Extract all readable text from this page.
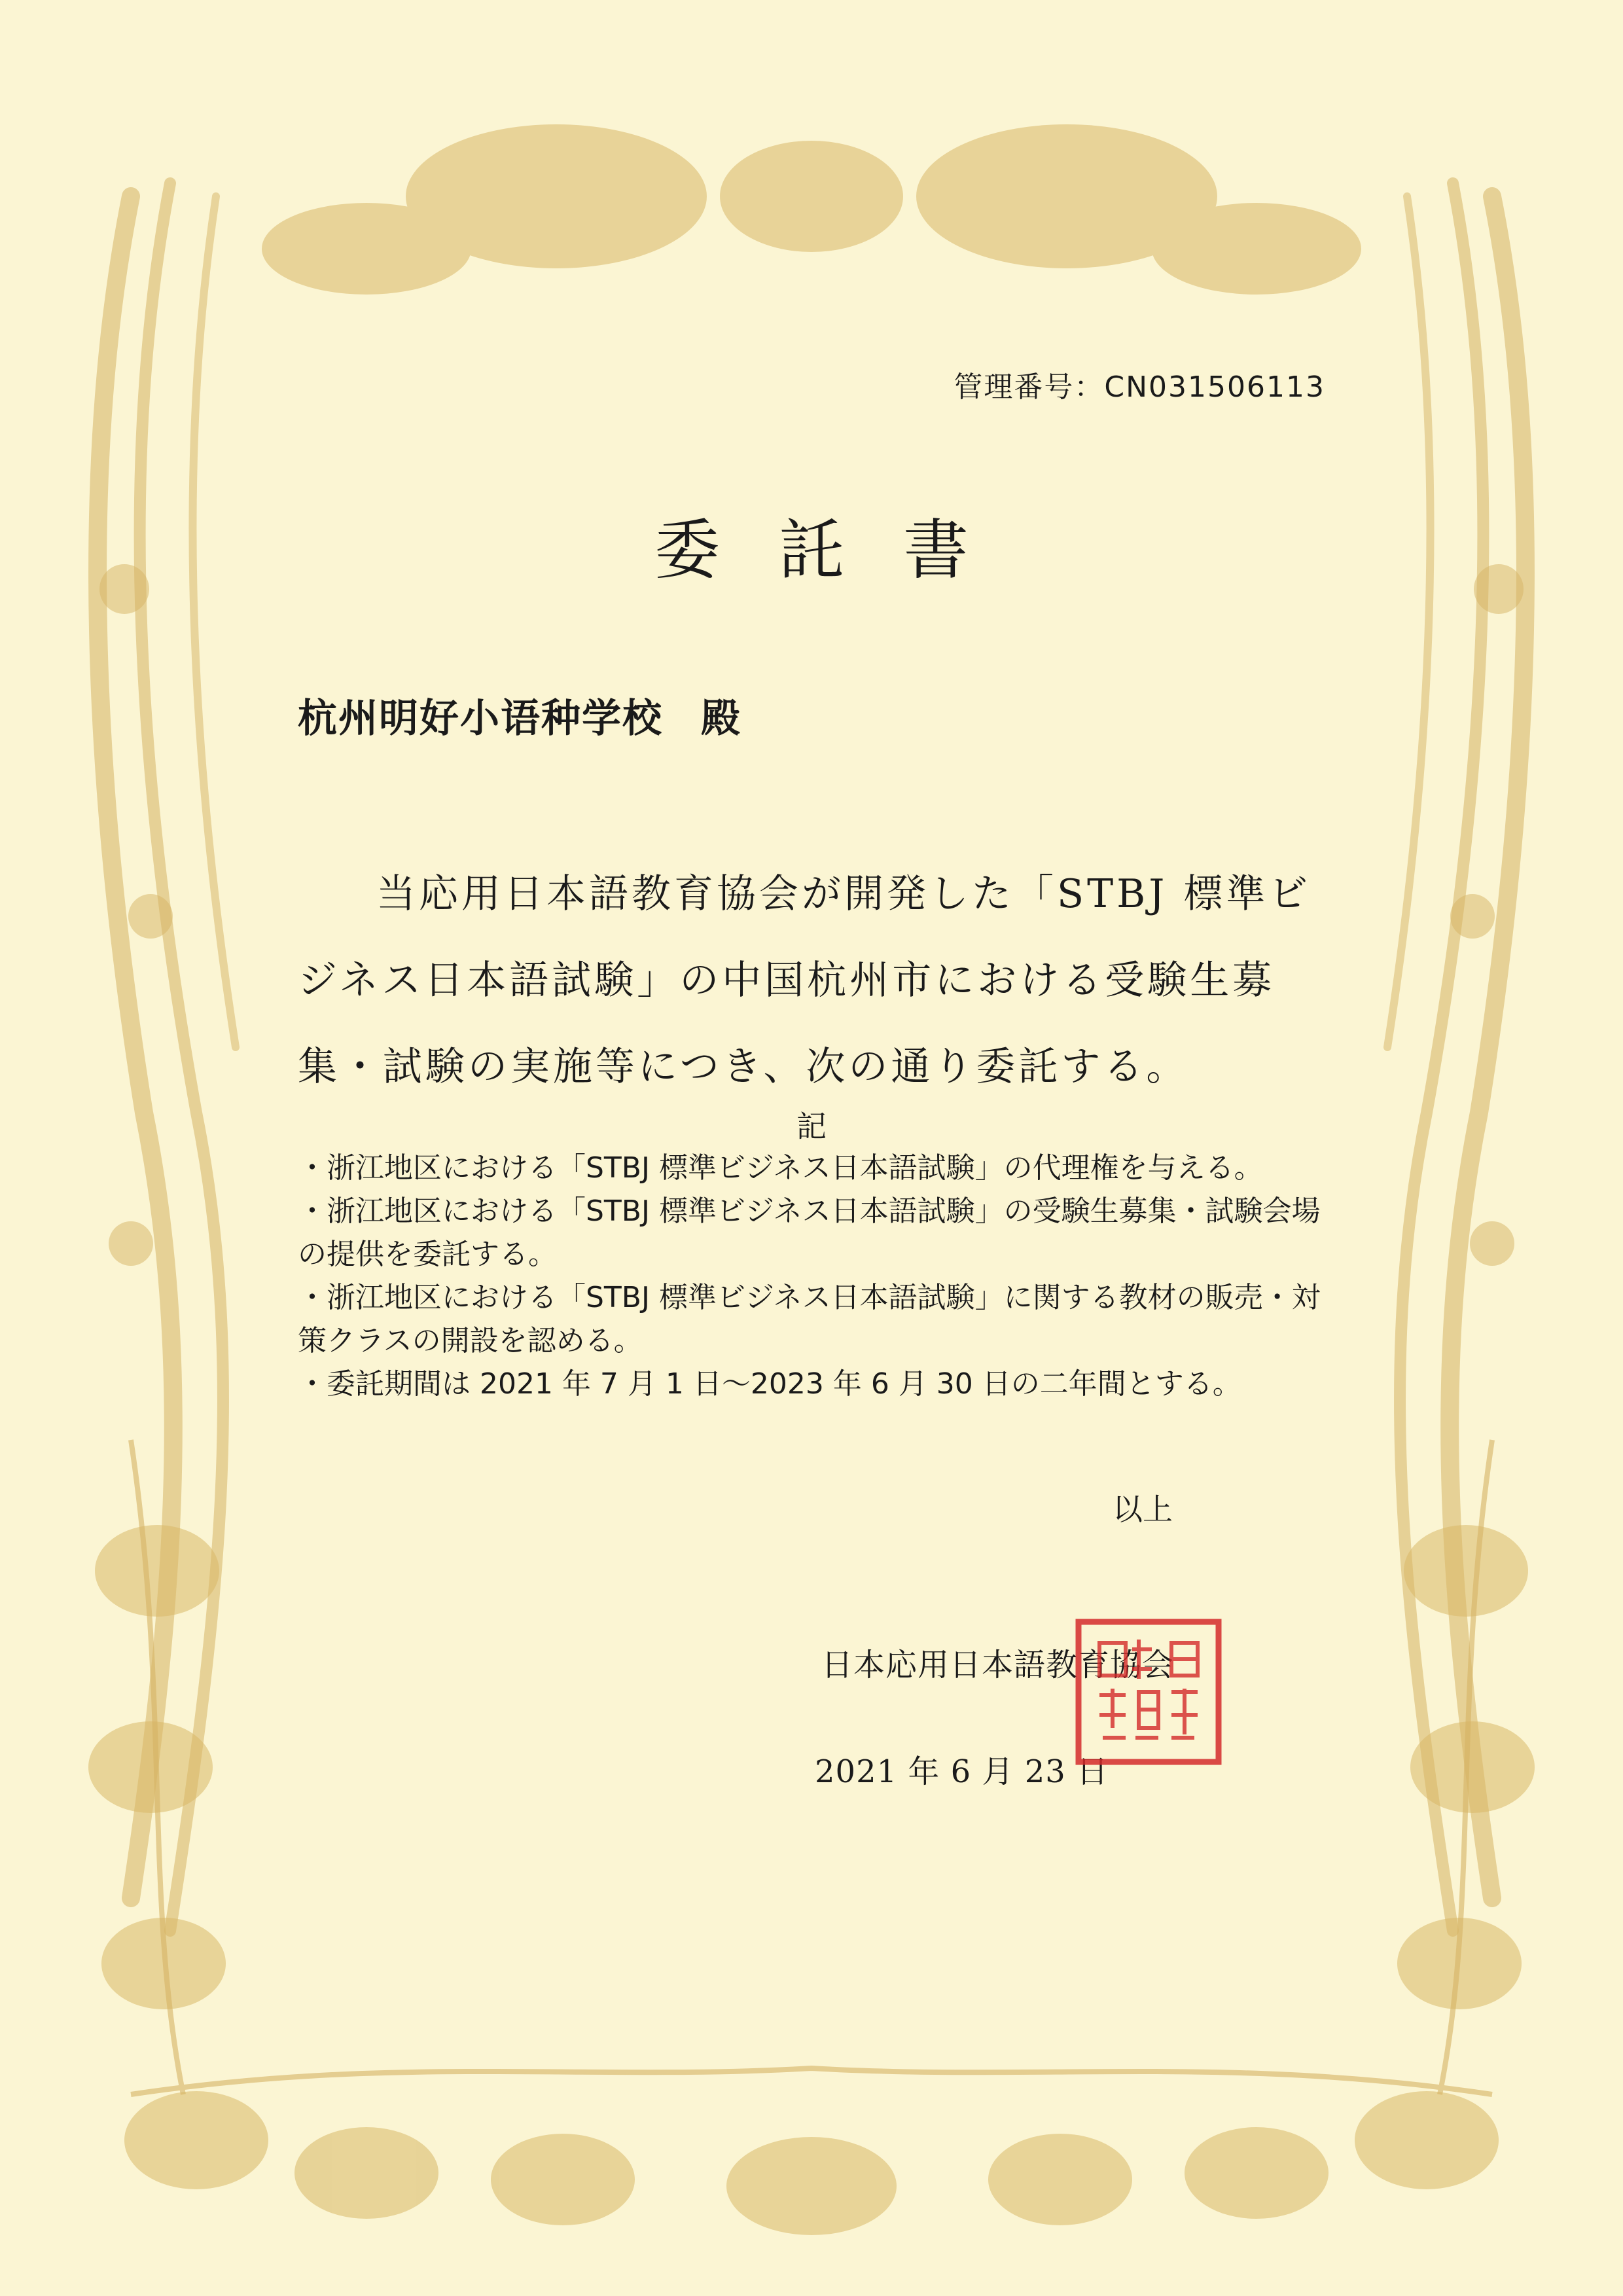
管理番号：CN031506113
委託書
杭州明好小语种学校 殿
当応用日本語教育協会が開発した「STBJ 標準ビジネス日本語試験」の中国杭州市における受験生募集・試験の実施等につき、次の通り委託する。
記
・浙江地区における「STBJ 標準ビジネス日本語試験」の代理権を与える。
・浙江地区における「STBJ 標準ビジネス日本語試験」の受験生募集・試験会場の提供を委託する。
・浙江地区における「STBJ 標準ビジネス日本語試験」に関する教材の販売・対策クラスの開設を認める。
・委託期間は 2021 年 7 月 1 日～2023 年 6 月 30 日の二年間とする。
以上
日本応用日本語教育協会
2021 年 6 月 23 日
